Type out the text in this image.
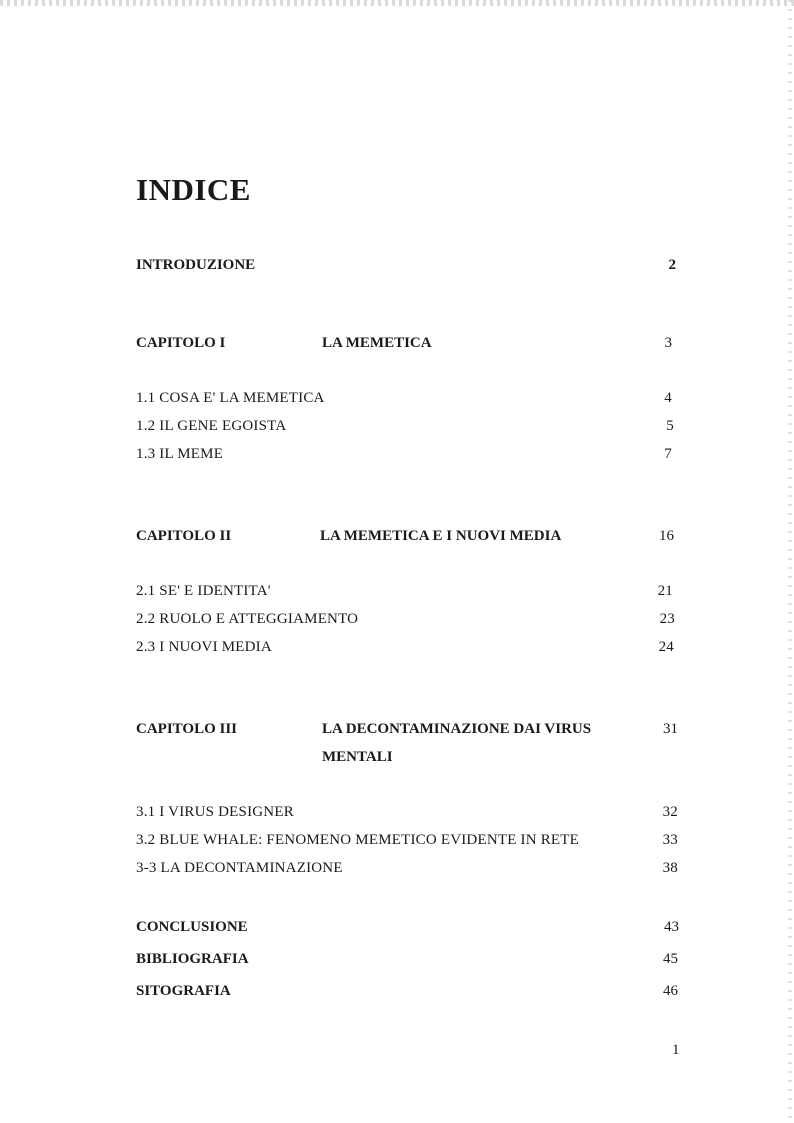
INDICE
INTRODUZIONE	2
CAPITOLO I	LA MEMETICA	3
1.1 COSA E' LA MEMETICA	4
1.2 IL GENE EGOISTA	5
1.3 IL MEME	7
CAPITOLO II	LA MEMETICA E I NUOVI MEDIA	16
2.1 SE' E IDENTITA'	21
2.2 RUOLO E ATTEGGIAMENTO	23
2.3 I NUOVI MEDIA	24
CAPITOLO III	LA DECONTAMINAZIONE DAI VIRUS	31
MENTALI
3.1 I VIRUS DESIGNER	32
3.2 BLUE WHALE: FENOMENO MEMETICO EVIDENTE IN RETE	33
3-3 LA DECONTAMINAZIONE	38
CONCLUSIONE	43
BIBLIOGRAFIA	45
SITOGRAFIA	46
1
